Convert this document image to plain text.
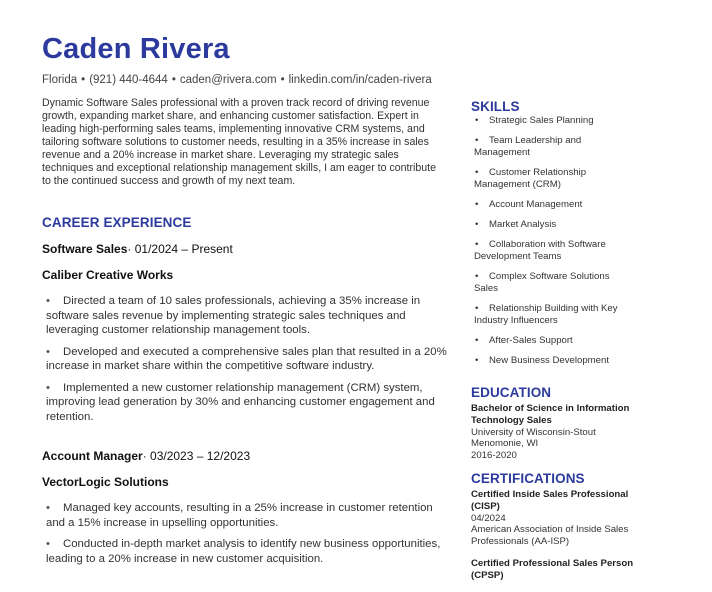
Caden Rivera
Florida • (921) 440-4644 • caden@rivera.com • linkedin.com/in/caden-rivera

Dynamic Software Sales professional with a proven track record of driving revenue growth, expanding market share, and enhancing customer satisfaction. Expert in leading high-performing sales teams, implementing innovative CRM systems, and tailoring software solutions to customer needs, resulting in a 35% increase in sales revenue and a 20% increase in market share. Leveraging my strategic sales techniques and exceptional relationship management skills, I am eager to contribute to the continued success and growth of my next team.

CAREER EXPERIENCE

Software Sales· 01/2024 – Present

Caliber Creative Works

• Directed a team of 10 sales professionals, achieving a 35% increase in software sales revenue by implementing strategic sales techniques and leveraging customer relationship management tools.
• Developed and executed a comprehensive sales plan that resulted in a 20% increase in market share within the competitive software industry.
• Implemented a new customer relationship management (CRM) system, improving lead generation by 30% and enhancing customer engagement and retention.

Account Manager· 03/2023 – 12/2023

VectorLogic Solutions

• Managed key accounts, resulting in a 25% increase in customer retention and a 15% increase in upselling opportunities.
• Conducted in-depth market analysis to identify new business opportunities, leading to a 20% increase in new customer acquisition.
SKILLS
• Strategic Sales Planning
• Team Leadership and Management
• Customer Relationship Management (CRM)
• Account Management
• Market Analysis
• Collaboration with Software Development Teams
• Complex Software Solutions Sales
• Relationship Building with Key Industry Influencers
• After-Sales Support
• New Business Development
EDUCATION
Bachelor of Science in Information Technology Sales
University of Wisconsin-Stout
Menomonie, WI
2016-2020
CERTIFICATIONS
Certified Inside Sales Professional (CISP)
04/2024
American Association of Inside Sales Professionals (AA-ISP)
Certified Professional Sales Person (CPSP)
